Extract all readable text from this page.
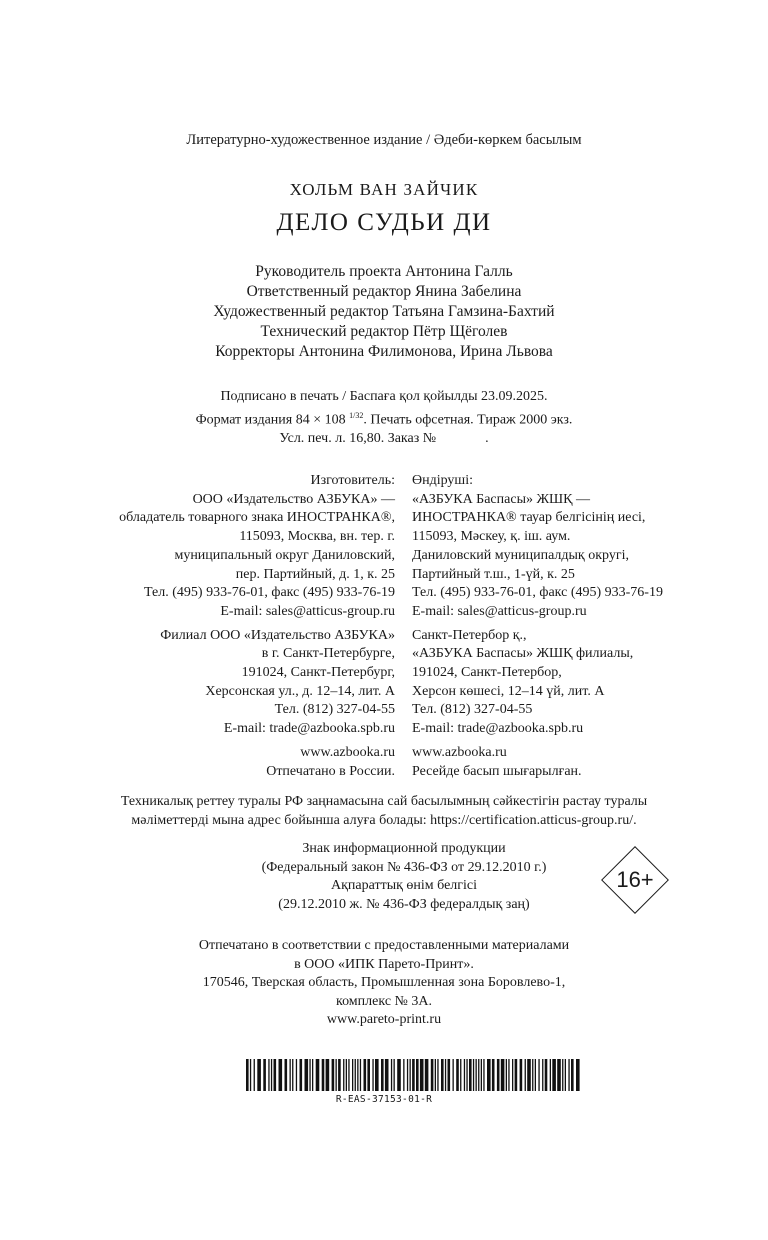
Литературно-художественное издание / Әдеби-көркем басылым
ХОЛЬМ ВАН ЗАЙЧИК
ДЕЛО СУДЬИ ДИ
Руководитель проекта Антонина Галль
Ответственный редактор Янина Забелина
Художественный редактор Татьяна Гамзина-Бахтий
Технический редактор Пётр Щёголев
Корректоры Антонина Филимонова, Ирина Львова
Подписано в печать / Баспаға қол қойылды 23.09.2025.
Формат издания 84 × 108 $^{1/32}$. Печать офсетная. Тираж 2000 экз.
Усл. печ. л. 16,80. Заказ №              .
Изготовитель:
ООО «Издательство АЗБУКА» —
обладатель товарного знака ИНОСТРАНКА®,
115093, Москва, вн. тер. г.
муниципальный округ Даниловский,
пер. Партийный, д. 1, к. 25
Тел. (495) 933-76-01, факс (495) 933-76-19
E-mail: sales@atticus-group.ru
Филиал ООО «Издательство АЗБУКА»
в г. Санкт-Петербурге,
191024, Санкт-Петербург,
Херсонская ул., д. 12–14, лит. А
Тел. (812) 327-04-55
E-mail: trade@azbooka.spb.ru
www.azbooka.ru
Отпечатано в России.
Өндіруші:
«АЗБУКА Баспасы» ЖШҚ —
ИНОСТРАНКА® тауар белгісінің иесі,
115093, Мәскеу, қ. іш. аум.
Даниловский муниципалдық округі,
Партийный т.ш., 1-үй, к. 25
Тел. (495) 933-76-01, факс (495) 933-76-19
E-mail: sales@atticus-group.ru
Санкт-Петербор қ.,
«АЗБУКА Баспасы» ЖШҚ филиалы,
191024, Санкт-Петербор,
Херсон көшесі, 12–14 үй, лит. А
Тел. (812) 327-04-55
E-mail: trade@azbooka.spb.ru
www.azbooka.ru
Ресейде басып шығарылған.
Техникалық реттеу туралы РФ заңнамасына сай басылымның сәйкестігін растау туралы
мәліметтерді мына адрес бойынша алуға болады: https://certification.atticus-group.ru/.
Знак информационной продукции
(Федеральный закон № 436-ФЗ от 29.12.2010 г.)
Ақпараттық өнім белгісі
(29.12.2010 ж. № 436-ФЗ федералдық заң)
16+
Отпечатано в соответствии с предоставленными материалами
в ООО «ИПК Парето-Принт».
170546, Тверская область, Промышленная зона Боровлево-1,
комплекс № 3А.
www.pareto-print.ru
R-EAS-37153-01-R
